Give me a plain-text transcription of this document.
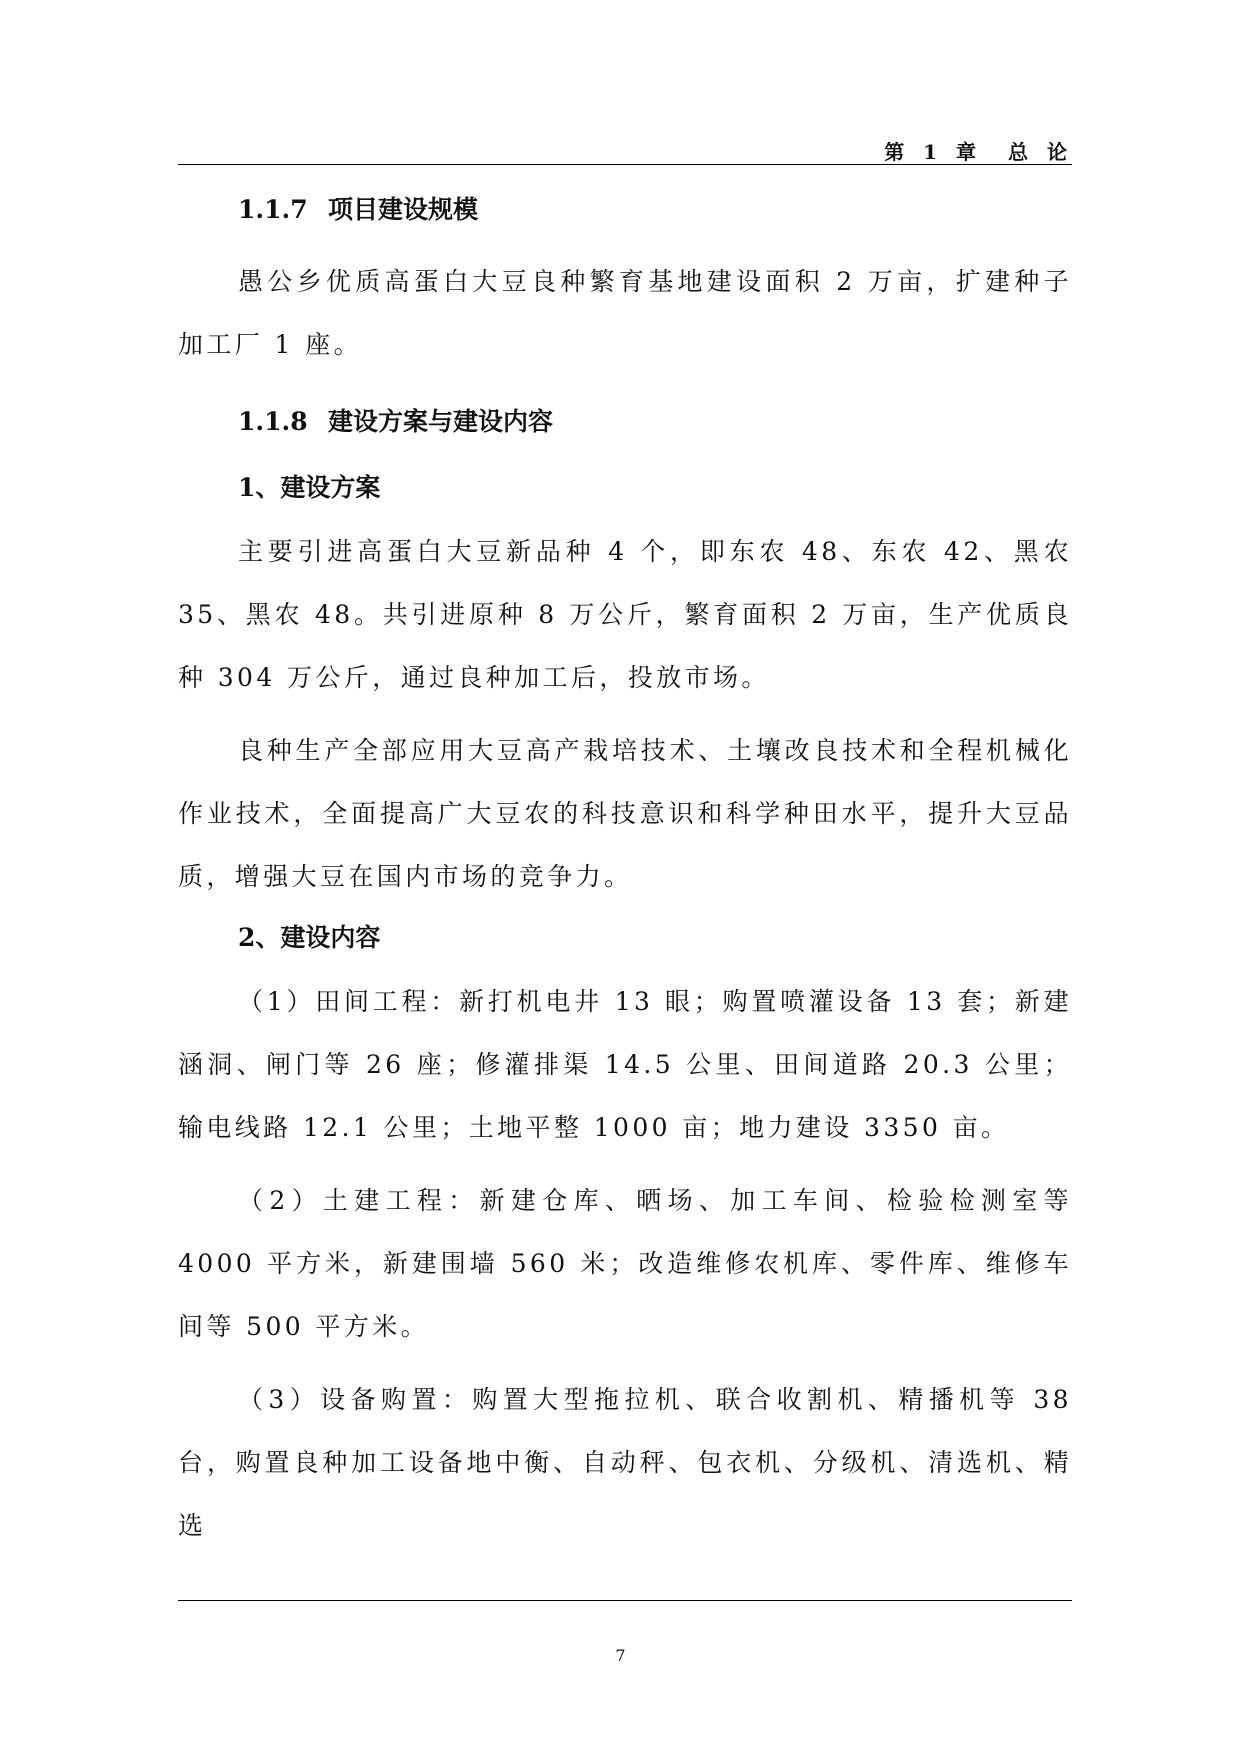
第 1 章　总 论
1.1.7 项目建设规模

愚公乡优质高蛋白大豆良种繁育基地建设面积 2 万亩，扩建种子加工厂 1 座。

1.1.8 建设方案与建设内容
1、建设方案

主要引进高蛋白大豆新品种 4 个，即东农 48、东农 42、黑农 35、黑农 48。共引进原种 8 万公斤，繁育面积 2 万亩，生产优质良种 304 万公斤，通过良种加工后，投放市场。

良种生产全部应用大豆高产栽培技术、土壤改良技术和全程机械化作业技术，全面提高广大豆农的科技意识和科学种田水平，提升大豆品质，增强大豆在国内市场的竞争力。

2、建设内容

（1）田间工程：新打机电井 13 眼；购置喷灌设备 13 套；新建涵洞、闸门等 26 座；修灌排渠 14.5 公里、田间道路 20.3 公里；输电线路 12.1 公里；土地平整 1000 亩；地力建设 3350 亩。

（2）土建工程：新建仓库、晒场、加工车间、检验检测室等 4000 平方米，新建围墙 560 米；改造维修农机库、零件库、维修车间等 500 平方米。

（3）设备购置：购置大型拖拉机、联合收割机、精播机等 38 台，购置良种加工设备地中衡、自动秤、包衣机、分级机、清选机、精选

7
